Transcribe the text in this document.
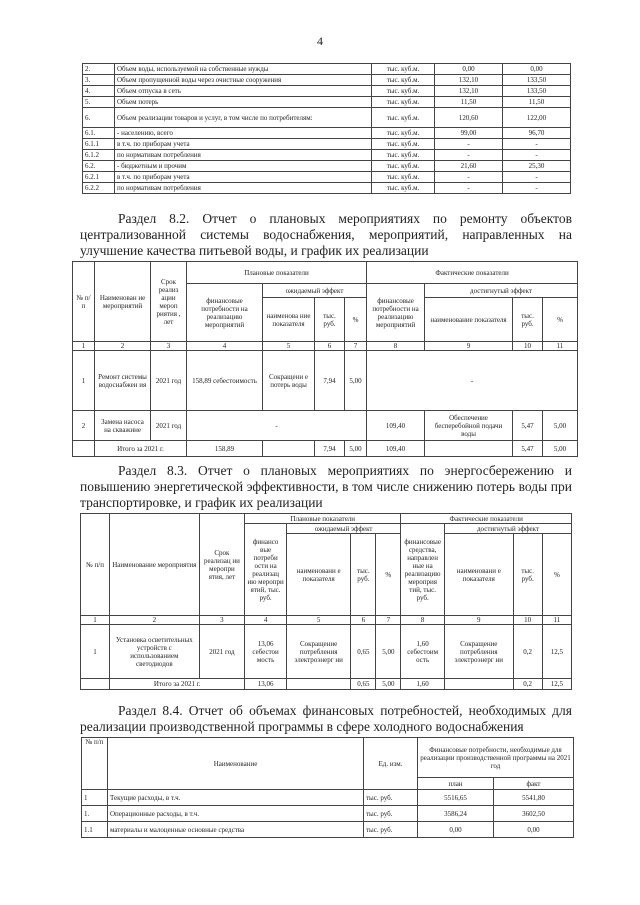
4
2.	Объем воды, используемой на собственные нужды	тыс. куб.м.	0,00	0,00
3.	Объем пропущенной воды через очистные сооружения	тыс. куб.м.	132,10	133,50
4.	Объем отпуска в сеть	тыс. куб.м.	132,10	133,50
5.	Объем потерь	тыс. куб.м.	11,50	11,50
6.	Объем реализации товаров и услуг, в том числе по потребителям:	тыс. куб.м.	120,60	122,00
6.1.	- населению, всего	тыс. куб.м.	99,00	96,70
6.1.1	в т.ч. по приборам учета	тыс. куб.м.	-	-
6.1.2	по нормативам потребления	тыс. куб.м.	-	-
6.2.	- бюджетным и прочим	тыс. куб.м.	21,60	25,30
6.2.1	в т.ч. по приборам учета	тыс. куб.м.	-	-
6.2.2	по нормативам потребления	тыс. куб.м.	-	-
Раздел 8.2. Отчет о плановых мероприятиях по ремонту объектов централизованной системы водоснабжения, мероприятий, направленных на улучшение качества питьевой воды, и график их реализации
№ п/ п	Наименован ие мероприятий	Срок реализ ации мероп риятия , лет	Плановые показатели				Фактические показатели			
			финансовые потребности на реализацию мероприятий	ожидаемый эффект			финансовые потребности на реализацию мероприятий	достигнутый эффект		
				наименова ние показателя	тыс. руб.	%		наименование показателя	тыс. руб.	%
1	2	3	4	5	6	7	8	9	10	11
1	Ремонт системы водоснабжен ия	2021 год	158,89 себестоимость	Сокращени е потерь воды	7,94	5,00	-			
2	Замена насоса на скважине	2021 год	-				109,40	Обеспечение бесперебойной подачи воды	5,47	5,00
	Итого за 2021 г.		158,89		7,94	5,00	109,40		5,47	5,00
Раздел 8.3. Отчет о плановых мероприятиях по энергосбережению и повышению энергетической эффективности, в том числе снижению потерь воды при транспортировке, и график их реализации
№ п/п	Наименование мероприятия	Срок реализац ии меропри ятия, лет	Плановые показатели				Фактические показатели			
			финансо вые потреби ости на реализац ию меропри ятий, тыс. руб.	ожидаемый эффект			финансовые средства, направлен ные на реализацию мероприя тий, тыс. руб.	достигнутый эффект		
				наименовани е показателя	тыс. руб.	%		наименовани е показателя	тыс. руб.	%
1	2	3	4	5	6	7	8	9	10	11
1	Установка осветительных устройств с использованием светодиодов	2021 год	13,06 себестои мость	Сокращение потребления электроэнерг ии	0,65	5,00	1,60 себестоим ость	Сокращение потребления электроэнерг ии	0,2	12,5
	Итого за 2021 г.		13,06		0,65	5,00	1,60		0,2	12,5
Раздел 8.4. Отчет об объемах финансовых потребностей, необходимых для реализации производственной программы в сфере холодного водоснабжения
№ п/п	Наименование	Ед. изм.	Финансовые потребности, необходимые для реализации производственной программы на 2021 год	
			план	факт
1	Текущие расходы, в т.ч.	тыс. руб.	5516,65	5541,80
1.	Операционные расходы, в т.ч.	тыс. руб.	3586,24	3602,50
1.1	материалы и малоценные основные средства	тыс. руб.	0,00	0,00
